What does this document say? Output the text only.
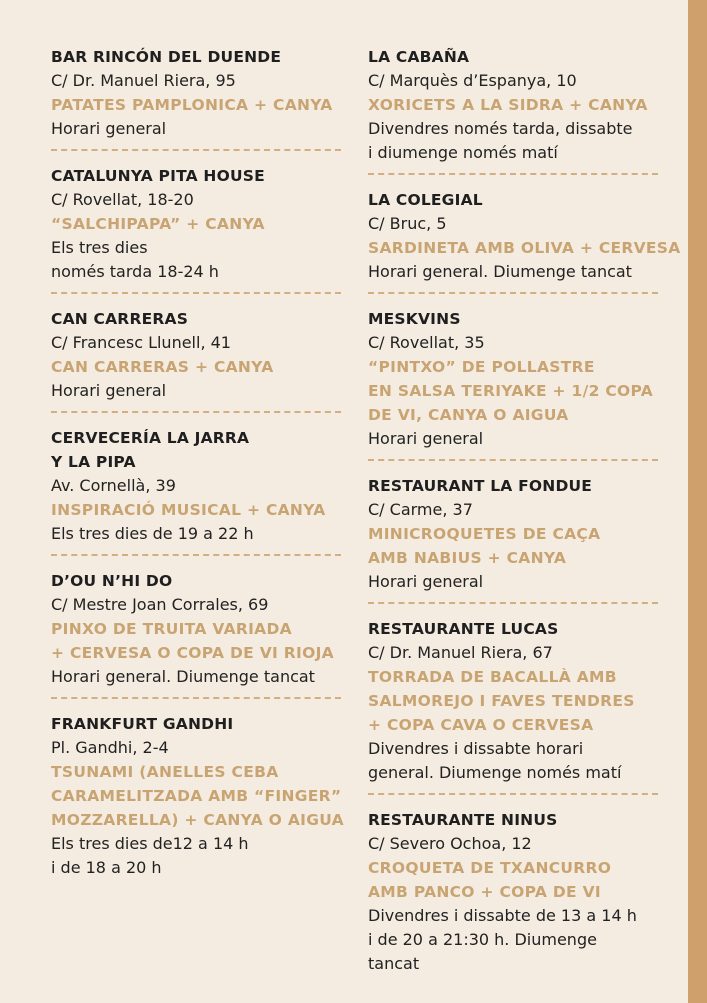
BAR RINCÓN DEL DUENDE
C/ Dr. Manuel Riera, 95
PATATES PAMPLONICA + CANYA
Horari general
CATALUNYA PITA HOUSE
C/ Rovellat, 18-20
“SALCHIPAPA” + CANYA
Els tres dies
només tarda 18-24 h
CAN CARRERAS
C/ Francesc Llunell, 41
CAN CARRERAS + CANYA
Horari general
CERVECERÍA LA JARRA
Y LA PIPA
Av. Cornellà, 39
INSPIRACIÓ MUSICAL + CANYA
Els tres dies de 19 a 22 h
D’OU N’HI DO
C/ Mestre Joan Corrales, 69
PINXO DE TRUITA VARIADA
+ CERVESA O COPA DE VI RIOJA
Horari general. Diumenge tancat
FRANKFURT GANDHI
Pl. Gandhi, 2-4
TSUNAMI (ANELLES CEBA
CARAMELITZADA AMB “FINGER”
MOZZARELLA) + CANYA O AIGUA
Els tres dies de12 a 14 h
i de 18 a 20 h
LA CABAÑA
C/ Marquès d’Espanya, 10
XORICETS A LA SIDRA + CANYA
Divendres només tarda, dissabte
i diumenge només matí
LA COLEGIAL
C/ Bruc, 5
SARDINETA AMB OLIVA + CERVESA
Horari general. Diumenge tancat
MESKVINS
C/ Rovellat, 35
“PINTXO” DE POLLASTRE
EN SALSA TERIYAKE + 1/2 COPA
DE VI, CANYA O AIGUA
Horari general
RESTAURANT LA FONDUE
C/ Carme, 37
MINICROQUETES DE CAÇA
AMB NABIUS + CANYA
Horari general
RESTAURANTE LUCAS
C/ Dr. Manuel Riera, 67
TORRADA DE BACALLÀ AMB
SALMOREJO I FAVES TENDRES
+ COPA CAVA O CERVESA
Divendres i dissabte horari
general. Diumenge només matí
RESTAURANTE NINUS
C/ Severo Ochoa, 12
CROQUETA DE TXANCURRO
AMB PANCO + COPA DE VI
Divendres i dissabte de 13 a 14 h
i de 20 a 21:30 h. Diumenge
tancat
